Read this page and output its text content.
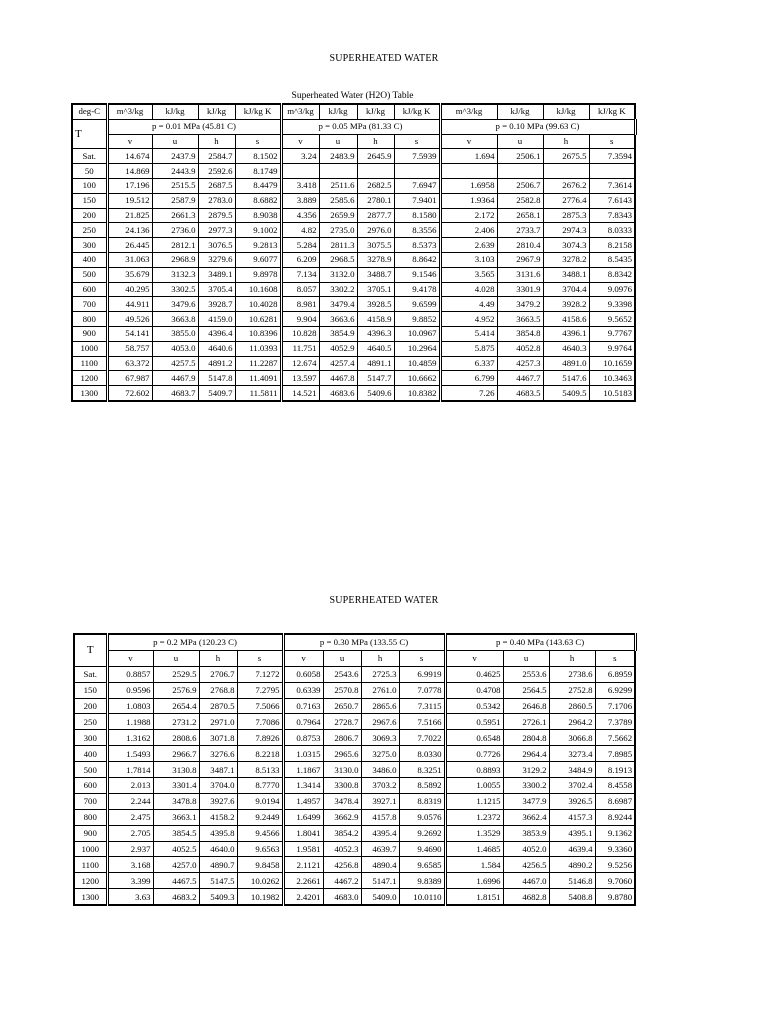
SUPERHEATED WATER
Superheated Water (H2O) Table
deg-C	m^3/kg	kJ/kg	kJ/kg	kJ/kg K	m^3/kg	kJ/kg	kJ/kg	kJ/kg K	m^3/kg	kJ/kg	kJ/kg	kJ/kg K
T	p = 0.01 MPa (45.81 C)				p = 0.05 MPa (81.33 C)				p = 0.10 MPa (99.63 C)			
	v	u	h	s	v	u	h	s	v	u	h	s
Sat.	14.674	2437.9	2584.7	8.1502	3.24	2483.9	2645.9	7.5939	1.694	2506.1	2675.5	7.3594
50	14.869	2443.9	2592.6	8.1749								
100	17.196	2515.5	2687.5	8.4479	3.418	2511.6	2682.5	7.6947	1.6958	2506.7	2676.2	7.3614
150	19.512	2587.9	2783.0	8.6882	3.889	2585.6	2780.1	7.9401	1.9364	2582.8	2776.4	7.6143
200	21.825	2661.3	2879.5	8.9038	4.356	2659.9	2877.7	8.1580	2.172	2658.1	2875.3	7.8343
250	24.136	2736.0	2977.3	9.1002	4.82	2735.0	2976.0	8.3556	2.406	2733.7	2974.3	8.0333
300	26.445	2812.1	3076.5	9.2813	5.284	2811.3	3075.5	8.5373	2.639	2810.4	3074.3	8.2158
400	31.063	2968.9	3279.6	9.6077	6.209	2968.5	3278.9	8.8642	3.103	2967.9	3278.2	8.5435
500	35.679	3132.3	3489.1	9.8978	7.134	3132.0	3488.7	9.1546	3.565	3131.6	3488.1	8.8342
600	40.295	3302.5	3705.4	10.1608	8.057	3302.2	3705.1	9.4178	4.028	3301.9	3704.4	9.0976
700	44.911	3479.6	3928.7	10.4028	8.981	3479.4	3928.5	9.6599	4.49	3479.2	3928.2	9.3398
800	49.526	3663.8	4159.0	10.6281	9.904	3663.6	4158.9	9.8852	4.952	3663.5	4158.6	9.5652
900	54.141	3855.0	4396.4	10.8396	10.828	3854.9	4396.3	10.0967	5.414	3854.8	4396.1	9.7767
1000	58.757	4053.0	4640.6	11.0393	11.751	4052.9	4640.5	10.2964	5.875	4052.8	4640.3	9.9764
1100	63.372	4257.5	4891.2	11.2287	12.674	4257.4	4891.1	10.4859	6.337	4257.3	4891.0	10.1659
1200	67.987	4467.9	5147.8	11.4091	13.597	4467.8	5147.7	10.6662	6.799	4467.7	5147.6	10.3463
1300	72.602	4683.7	5409.7	11.5811	14.521	4683.6	5409.6	10.8382	7.26	4683.5	5409.5	10.5183
SUPERHEATED WATER
T	p = 0.2 MPa (120.23 C)				p = 0.30 MPa (133.55 C)				p = 0.40 MPa (143.63 C)			
	v	u	h	s	v	u	h	s	v	u	h	s
Sat.	0.8857	2529.5	2706.7	7.1272	0.6058	2543.6	2725.3	6.9919	0.4625	2553.6	2738.6	6.8959
150	0.9596	2576.9	2768.8	7.2795	0.6339	2570.8	2761.0	7.0778	0.4708	2564.5	2752.8	6.9299
200	1.0803	2654.4	2870.5	7.5066	0.7163	2650.7	2865.6	7.3115	0.5342	2646.8	2860.5	7.1706
250	1.1988	2731.2	2971.0	7.7086	0.7964	2728.7	2967.6	7.5166	0.5951	2726.1	2964.2	7.3789
300	1.3162	2808.6	3071.8	7.8926	0.8753	2806.7	3069.3	7.7022	0.6548	2804.8	3066.8	7.5662
400	1.5493	2966.7	3276.6	8.2218	1.0315	2965.6	3275.0	8.0330	0.7726	2964.4	3273.4	7.8985
500	1.7814	3130.8	3487.1	8.5133	1.1867	3130.0	3486.0	8.3251	0.8893	3129.2	3484.9	8.1913
600	2.013	3301.4	3704.0	8.7770	1.3414	3300.8	3703.2	8.5892	1.0055	3300.2	3702.4	8.4558
700	2.244	3478.8	3927.6	9.0194	1.4957	3478.4	3927.1	8.8319	1.1215	3477.9	3926.5	8.6987
800	2.475	3663.1	4158.2	9.2449	1.6499	3662.9	4157.8	9.0576	1.2372	3662.4	4157.3	8.9244
900	2.705	3854.5	4395.8	9.4566	1.8041	3854.2	4395.4	9.2692	1.3529	3853.9	4395.1	9.1362
1000	2.937	4052.5	4640.0	9.6563	1.9581	4052.3	4639.7	9.4690	1.4685	4052.0	4639.4	9.3360
1100	3.168	4257.0	4890.7	9.8458	2.1121	4256.8	4890.4	9.6585	1.584	4256.5	4890.2	9.5256
1200	3.399	4467.5	5147.5	10.0262	2.2661	4467.2	5147.1	9.8389	1.6996	4467.0	5146.8	9.7060
1300	3.63	4683.2	5409.3	10.1982	2.4201	4683.0	5409.0	10.0110	1.8151	4682.8	5408.8	9.8780
